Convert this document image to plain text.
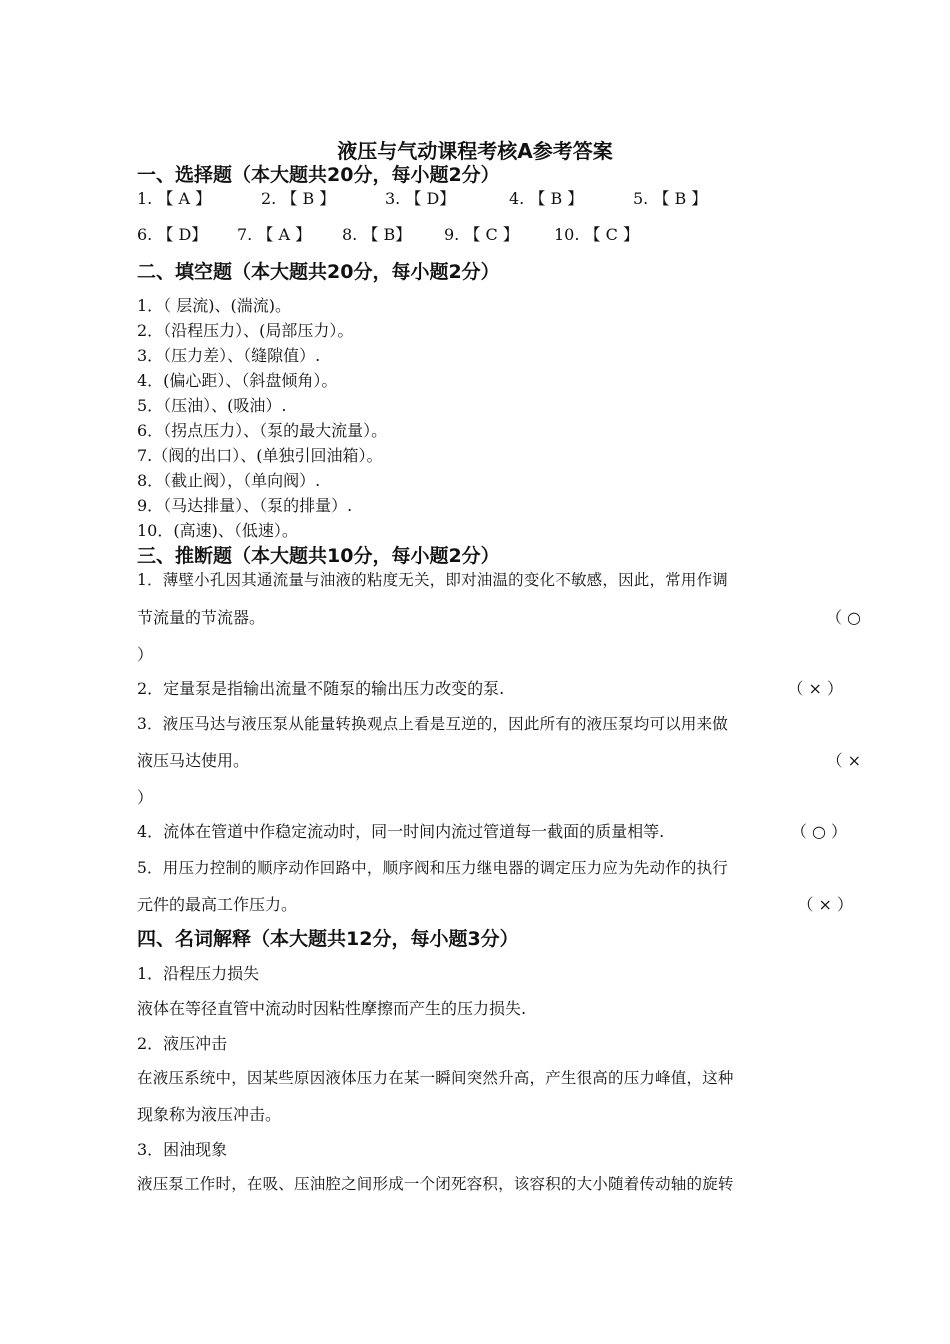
液压与气动课程考核A参考答案
一、选择题（本大题共20分，每小题2分）
1. 【 A 】	2. 【 B 】	3. 【 D】	4. 【 B 】	5. 【 B 】
6. 【 D】 7. 【 A 】 8. 【 B】 9. 【 C 】 10. 【 C 】
二、填空题（本大题共20分，每小题2分）
1．（ 层流)、(湍流)。
2．（沿程压力）、(局部压力）。
3．（压力差）、（缝隙值）.
4．(偏心距）、（斜盘倾角）。
5．（压油）、(吸油）.
6．（拐点压力）、（泵的最大流量）。
7.（阀的出口）、(单独引回油箱）。
8．（截止阀），（单向阀）.
9．（马达排量）、（泵的排量）.
10．(高速)、（低速）。
三、推断题（本大题共10分，每小题2分）
1．薄壁小孔因其通流量与油液的粘度无关，即对油温的变化不敏感，因此，常用作调
节流量的节流器。	（ ○
）
2．定量泵是指输出流量不随泵的输出压力改变的泵.	（ × ）
3．液压马达与液压泵从能量转换观点上看是互逆的，因此所有的液压泵均可以用来做
液压马达使用。	（ ×
）
4．流体在管道中作稳定流动时，同一时间内流过管道每一截面的质量相等.	（ ○ ）
5．用压力控制的顺序动作回路中，顺序阀和压力继电器的调定压力应为先动作的执行
元件的最高工作压力。	（ × ）
四、名词解释（本大题共12分，每小题3分）
1．沿程压力损失
液体在等径直管中流动时因粘性摩擦而产生的压力损失.
2．液压冲击
在液压系统中，因某些原因液体压力在某一瞬间突然升高，产生很高的压力峰值，这种
现象称为液压冲击。
3．困油现象
液压泵工作时，在吸、压油腔之间形成一个闭死容积，该容积的大小随着传动轴的旋转
